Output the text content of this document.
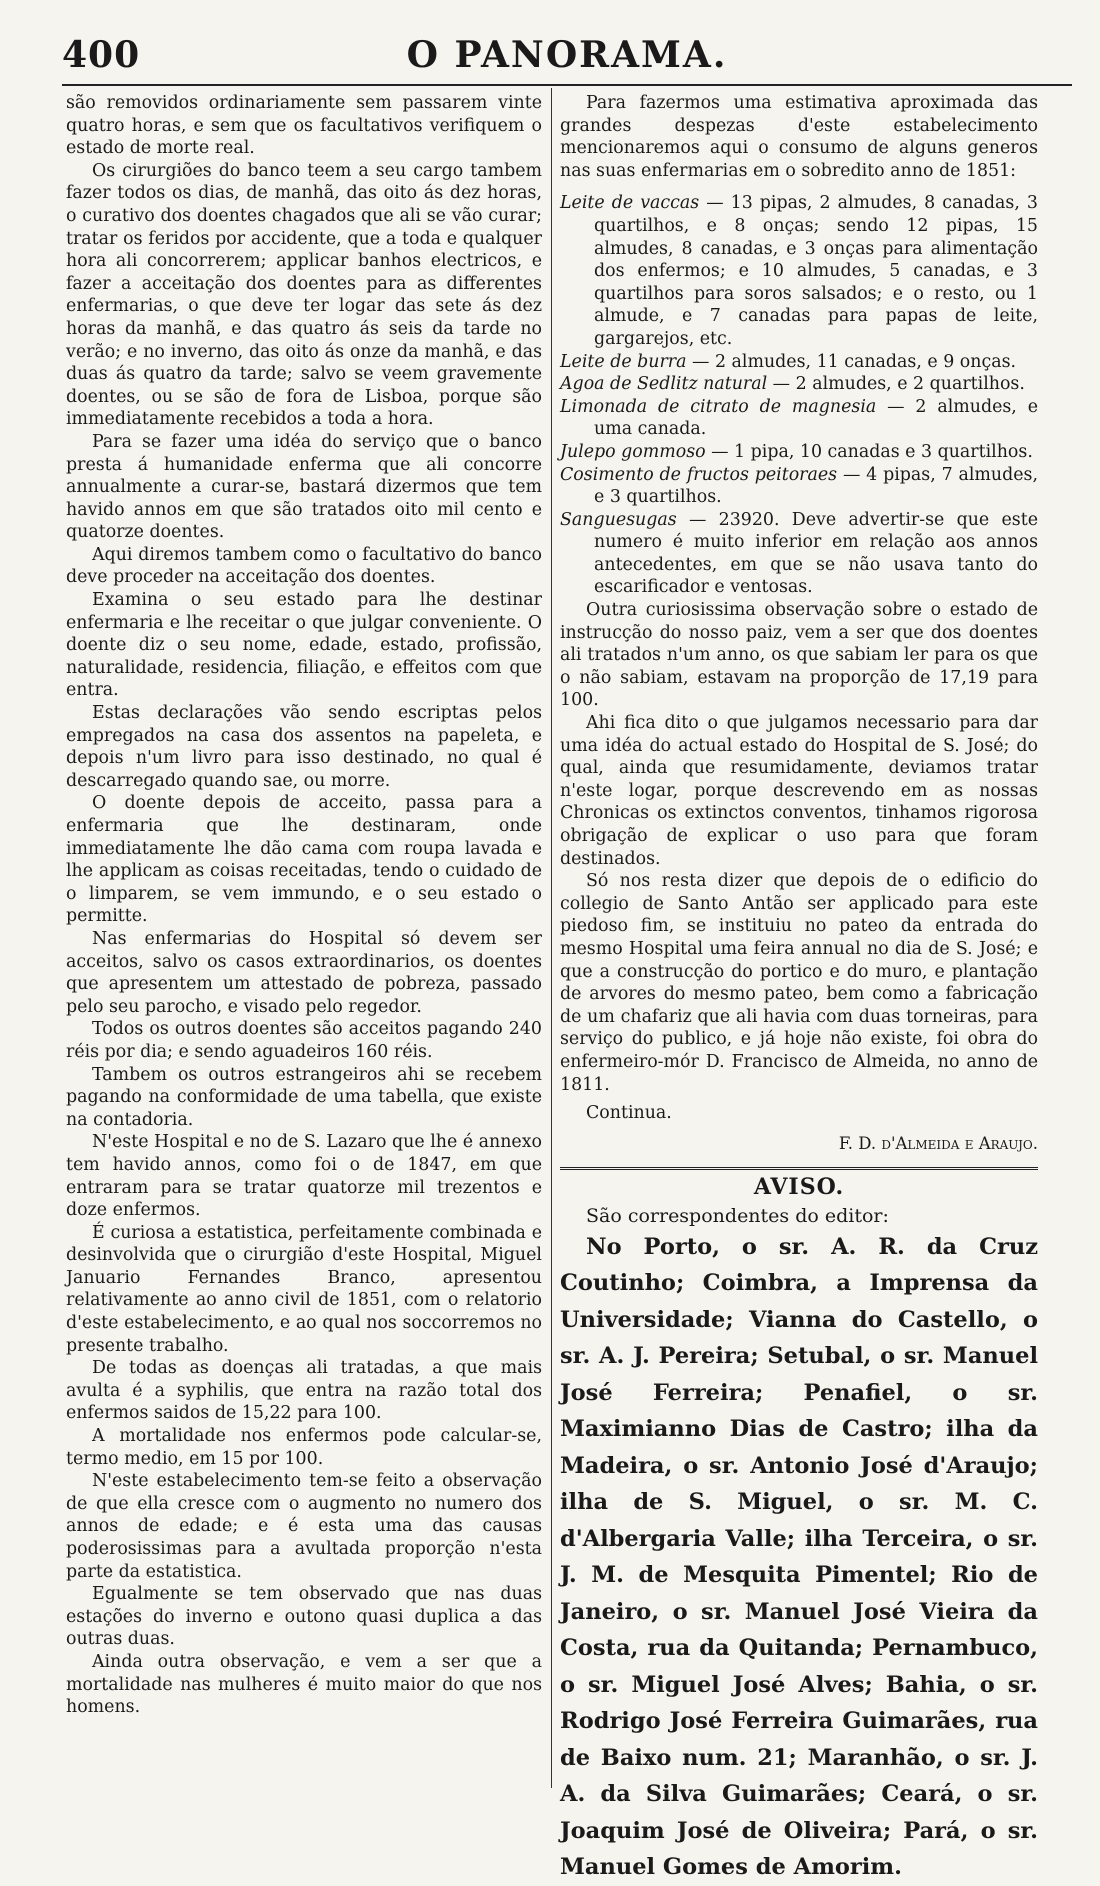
400	O PANORAMA.

são removidos ordinariamente sem passarem vinte quatro horas, e sem que os facultativos verifiquem o estado de morte real.

Os cirurgiões do banco teem a seu cargo tambem fazer todos os dias, de manhã, das oito ás dez horas, o curativo dos doentes chagados que ali se vão curar; tratar os feridos por accidente, que a toda e qualquer hora ali concorrerem; applicar banhos electricos, e fazer a acceitação dos doentes para as differentes enfermarias, o que deve ter logar das sete ás dez horas da manhã, e das quatro ás seis da tarde no verão; e no inverno, das oito ás onze da manhã, e das duas ás quatro da tarde; salvo se veem gravemente doentes, ou se são de fora de Lisboa, porque são immediatamente recebidos a toda a hora.

Para se fazer uma idéa do serviço que o banco presta á humanidade enferma que ali concorre annualmente a curar-se, bastará dizermos que tem havido annos em que são tratados oito mil cento e quatorze doentes.

Aqui diremos tambem como o facultativo do banco deve proceder na acceitação dos doentes.

Examina o seu estado para lhe destinar enfermaria e lhe receitar o que julgar conveniente. O doente diz o seu nome, edade, estado, profissão, naturalidade, residencia, filiação, e effeitos com que entra.

Estas declarações vão sendo escriptas pelos empregados na casa dos assentos na papeleta, e depois n'um livro para isso destinado, no qual é descarregado quando sae, ou morre.

O doente depois de acceito, passa para a enfermaria que lhe destinaram, onde immediatamente lhe dão cama com roupa lavada e lhe applicam as coisas receitadas, tendo o cuidado de o limparem, se vem immundo, e o seu estado o permitte.

Nas enfermarias do Hospital só devem ser acceitos, salvo os casos extraordinarios, os doentes que apresentem um attestado de pobreza, passado pelo seu parocho, e visado pelo regedor.

Todos os outros doentes são acceitos pagando 240 réis por dia; e sendo aguadeiros 160 réis.

Tambem os outros estrangeiros ahi se recebem pagando na conformidade de uma tabella, que existe na contadoria.

N'este Hospital e no de S. Lazaro que lhe é annexo tem havido annos, como foi o de 1847, em que entraram para se tratar quatorze mil trezentos e doze enfermos.

É curiosa a estatistica, perfeitamente combinada e desinvolvida que o cirurgião d'este Hospital, Miguel Januario Fernandes Branco, apresentou relativamente ao anno civil de 1851, com o relatorio d'este estabelecimento, e ao qual nos soccorremos no presente trabalho.

De todas as doenças ali tratadas, a que mais avulta é a syphilis, que entra na razão total dos enfermos saidos de 15,22 para 100.

A mortalidade nos enfermos pode calcular-se, termo medio, em 15 por 100.

N'este estabelecimento tem-se feito a observação de que ella cresce com o augmento no numero dos annos de edade; e é esta uma das causas poderosissimas para a avultada proporção n'esta parte da estatistica.

Egualmente se tem observado que nas duas estações do inverno e outono quasi duplica a das outras duas.

Ainda outra observação, e vem a ser que a mortalidade nas mulheres é muito maior do que nos homens.

Para fazermos uma estimativa aproximada das grandes despezas d'este estabelecimento mencionaremos aqui o consumo de alguns generos nas suas enfermarias em o sobredito anno de 1851:

Leite de vaccas — 13 pipas, 2 almudes, 8 canadas, 3 quartilhos, e 8 onças; sendo 12 pipas, 15 almudes, 8 canadas, e 3 onças para alimentação dos enfermos; e 10 almudes, 5 canadas, e 3 quartilhos para soros salsados; e o resto, ou 1 almude, e 7 canadas para papas de leite, gargarejos, etc.

Leite de burra — 2 almudes, 11 canadas, e 9 onças.

Agoa de Sedlitz natural — 2 almudes, e 2 quartilhos.

Limonada de citrato de magnesia — 2 almudes, e uma canada.

Julepo gommoso — 1 pipa, 10 canadas e 3 quartilhos.

Cosimento de fructos peitoraes — 4 pipas, 7 almudes, e 3 quartilhos.

Sanguesugas — 23920. Deve advertir-se que este numero é muito inferior em relação aos annos antecedentes, em que se não usava tanto do escarificador e ventosas.

Outra curiosissima observação sobre o estado de instrucção do nosso paiz, vem a ser que dos doentes ali tratados n'um anno, os que sabiam ler para os que o não sabiam, estavam na proporção de 17,19 para 100.

Ahi fica dito o que julgamos necessario para dar uma idéa do actual estado do Hospital de S. José; do qual, ainda que resumidamente, deviamos tratar n'este logar, porque descrevendo em as nossas Chronicas os extinctos conventos, tinhamos rigorosa obrigação de explicar o uso para que foram destinados.

Só nos resta dizer que depois de o edificio do collegio de Santo Antão ser applicado para este piedoso fim, se instituiu no pateo da entrada do mesmo Hospital uma feira annual no dia de S. José; e que a construcção do portico e do muro, e plantação de arvores do mesmo pateo, bem como a fabricação de um chafariz que ali havia com duas torneiras, para serviço do publico, e já hoje não existe, foi obra do enfermeiro-mór D. Francisco de Almeida, no anno de 1811.

Continua.

F. D. d'Almeida e Araujo.
AVISO.
São correspondentes do editor:
No Porto, o sr. A. R. da Cruz Coutinho; Coimbra, a Imprensa da Universidade; Vianna do Castello, o sr. A. J. Pereira; Setubal, o sr. Manuel José Ferreira; Penafiel, o sr. Maximianno Dias de Castro; ilha da Madeira, o sr. Antonio José d'Araujo; ilha de S. Miguel, o sr. M. C. d'Albergaria Valle; ilha Terceira, o sr. J. M. de Mesquita Pimentel; Rio de Janeiro, o sr. Manuel José Vieira da Costa, rua da Quitanda; Pernambuco, o sr. Miguel José Alves; Bahia, o sr. Rodrigo José Ferreira Guimarães, rua de Baixo num. 21; Maranhão, o sr. J. A. da Silva Guimarães; Ceará, o sr. Joaquim José de Oliveira; Pará, o sr. Manuel Gomes de Amorim.
